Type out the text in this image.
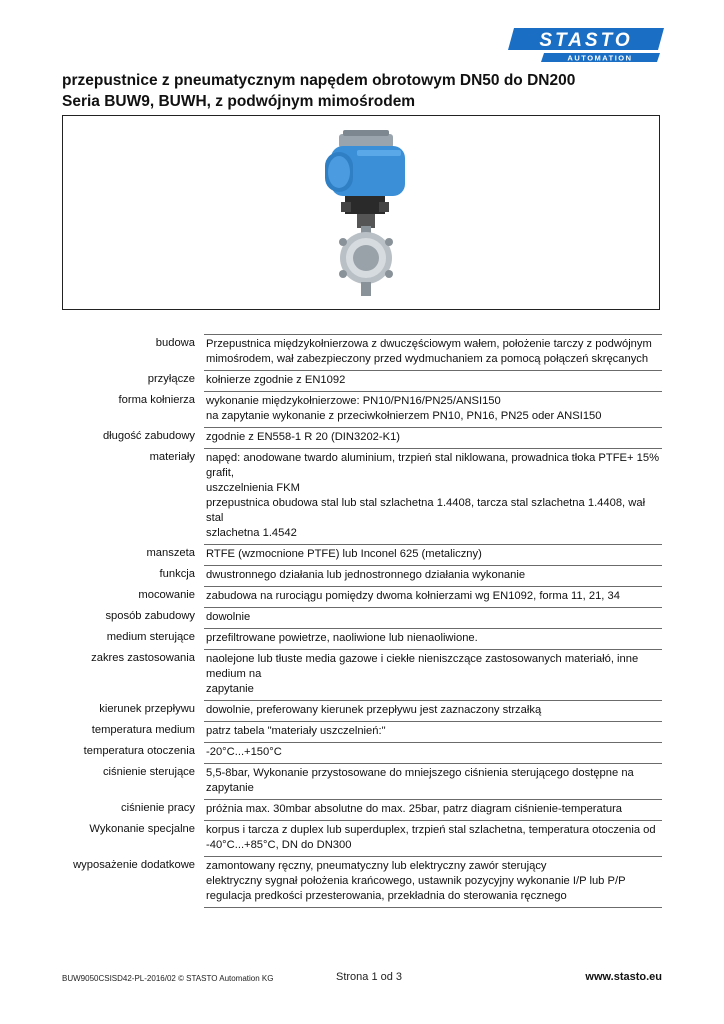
STASTO
AUTOMATION
przepustnice z pneumatycznym napędem obrotowym DN50 do DN200
Seria BUW9, BUWH, z podwójnym mimośrodem
budowa Przepustnica międzykołnierzowa z dwuczęściowym wałem, położenie tarczy z podwójnym
mimośrodem, wał zabezpieczony przed wydmuchaniem za pomocą połączeń skręcanych
przyłącze kołnierze zgodnie z EN1092
forma kołnierza wykonanie międzykołnierzowe: PN10/PN16/PN25/ANSI150
na zapytanie wykonanie z przeciwkołnierzem PN10, PN16, PN25 oder ANSI150
długość zabudowy zgodnie z EN558-1 R 20 (DIN3202-K1)
materiały napęd: anodowane twardo aluminium, trzpień stal niklowana, prowadnica tłoka PTFE+ 15% grafit,
uszczelnienia FKM
przepustnica obudowa stal lub stal szlachetna 1.4408, tarcza stal szlachetna 1.4408, wał stal
szlachetna 1.4542
manszeta RTFE (wzmocnione PTFE) lub Inconel 625 (metaliczny)
funkcja dwustronnego działania lub jednostronnego działania wykonanie
mocowanie zabudowa na rurociągu pomiędzy dwoma kołnierzami wg EN1092, forma 11, 21, 34
sposób zabudowy dowolnie
medium sterujące przefiltrowane powietrze, naoliwione lub nienaoliwione.
zakres zastosowania naolejone lub tłuste media gazowe i ciekłe nieniszczące zastosowanych materiałó, inne medium na
zapytanie
kierunek przepływu dowolnie, preferowany kierunek przepływu jest zaznaczony strzałką
temperatura medium patrz tabela "materiały uszczelnień:"
temperatura otoczenia -20°C...+150°C
ciśnienie sterujące 5,5-8bar, Wykonanie przystosowane do mniejszego ciśnienia sterującego dostępne na zapytanie
ciśnienie pracy próżnia max. 30mbar absolutne do max. 25bar, patrz diagram ciśnienie-temperatura
Wykonanie specjalne korpus i tarcza z duplex lub superduplex, trzpień stal szlachetna, temperatura otoczenia od
-40°C...+85°C, DN do DN300
wyposażenie dodatkowe zamontowany ręczny, pneumatyczny lub elektryczny zawór sterujący
elektryczny sygnał położenia krańcowego, ustawnik pozycyjny wykonanie I/P lub P/P
regulacja predkości przesterowania, przekładnia do sterowania ręcznego
BUW9050CSISD42-PL-2016/02 © STASTO Automation KG	Strona 1 od 3	www.stasto.eu
